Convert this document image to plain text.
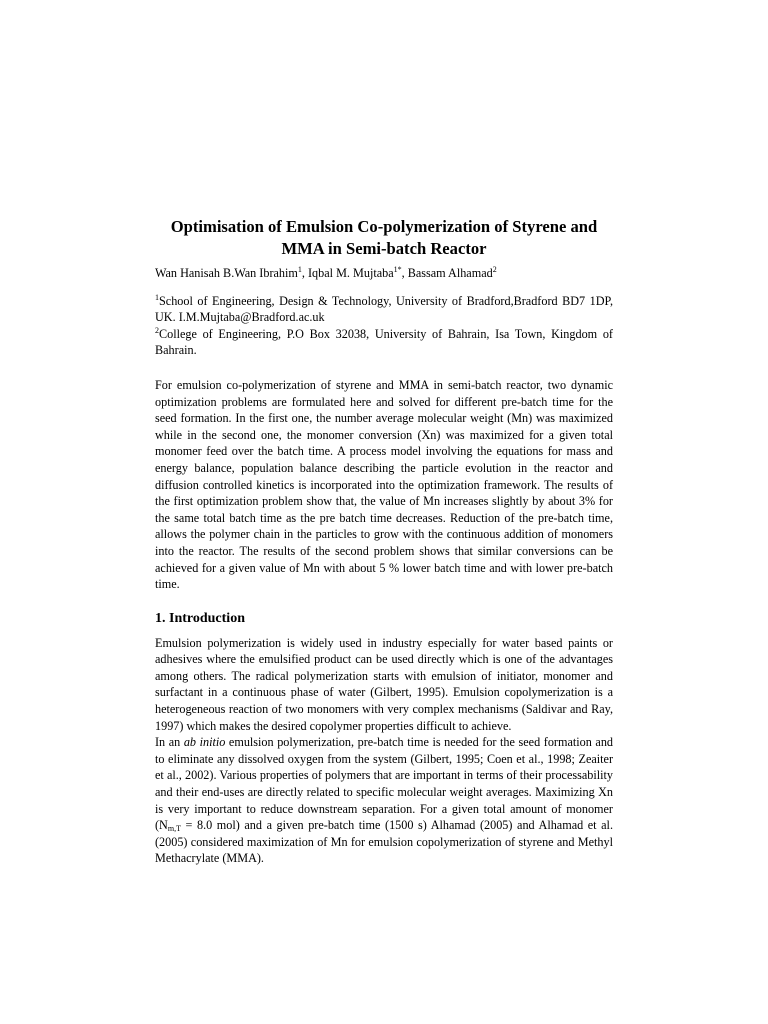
Optimisation of Emulsion Co-polymerization of Styrene and MMA in Semi-batch Reactor

Wan Hanisah B.Wan Ibrahim$^1$, Iqbal M. Mujtaba$^{1*}$, Bassam Alhamad$^2$

$^1$School of Engineering, Design & Technology, University of Bradford,Bradford BD7 1DP, UK. I.M.Mujtaba@Bradford.ac.uk

$^2$College of Engineering, P.O Box 32038, University of Bahrain, Isa Town, Kingdom of Bahrain.

For emulsion co-polymerization of styrene and MMA in semi-batch reactor, two dynamic optimization problems are formulated here and solved for different pre-batch time for the seed formation. In the first one, the number average molecular weight (Mn) was maximized while in the second one, the monomer conversion (Xn) was maximized for a given total monomer feed over the batch time. A process model involving the equations for mass and energy balance, population balance describing the particle evolution in the reactor and diffusion controlled kinetics is incorporated into the optimization framework. The results of the first optimization problem show that, the value of Mn increases slightly by about 3% for the same total batch time as the pre batch time decreases. Reduction of the pre-batch time, allows the polymer chain in the particles to grow with the continuous addition of monomers into the reactor. The results of the second problem shows that similar conversions can be achieved for a given value of Mn with about 5 % lower batch time and with lower pre-batch time.

1. Introduction

Emulsion polymerization is widely used in industry especially for water based paints or adhesives where the emulsified product can be used directly which is one of the advantages among others. The radical polymerization starts with emulsion of initiator, monomer and surfactant in a continuous phase of water (Gilbert, 1995). Emulsion copolymerization is a heterogeneous reaction of two monomers with very complex mechanisms (Saldivar and Ray, 1997) which makes the desired copolymer properties difficult to achieve.

In an ab initio emulsion polymerization, pre-batch time is needed for the seed formation and to eliminate any dissolved oxygen from the system (Gilbert, 1995; Coen et al., 1998; Zeaiter et al., 2002). Various properties of polymers that are important in terms of their processability and their end-uses are directly related to specific molecular weight averages. Maximizing Xn is very important to reduce downstream separation. For a given total amount of monomer ($N_{m,T} = 8.0$ mol) and a given pre-batch time (1500 s) Alhamad (2005) and Alhamad et al. (2005) considered maximization of Mn for emulsion copolymerization of styrene and Methyl Methacrylate (MMA).
